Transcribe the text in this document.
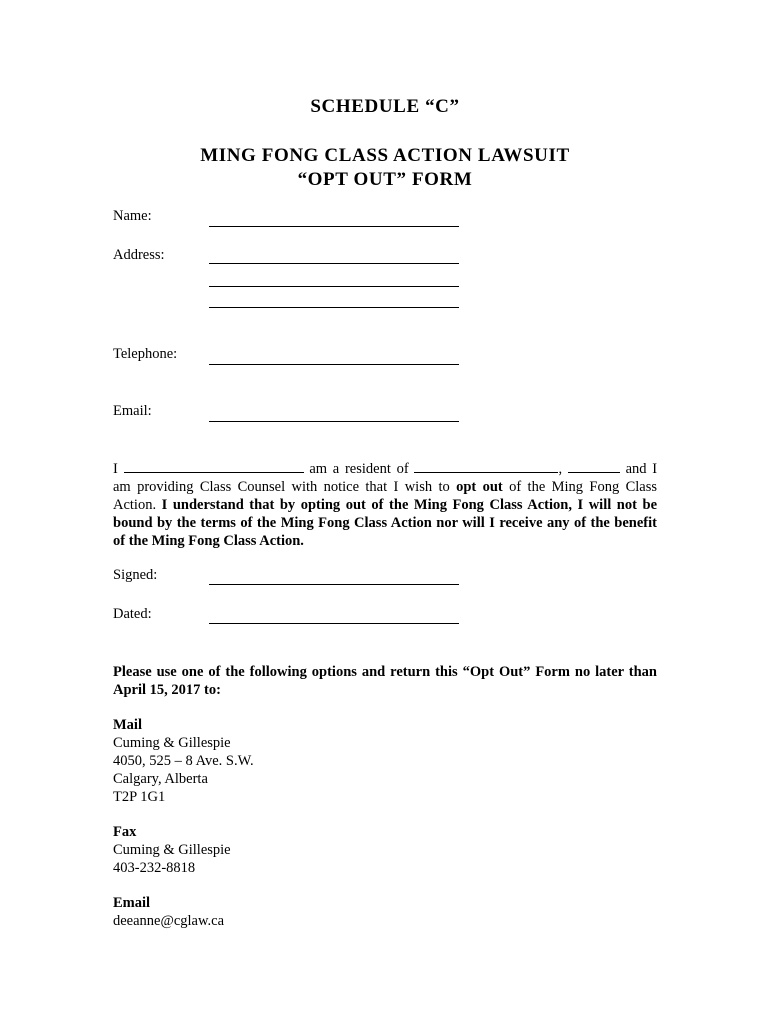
SCHEDULE “C”
MING FONG CLASS ACTION LAWSUIT
“OPT OUT” FORM
Name:
Address:
Telephone:
Email:
I	am a resident of	,	and I am providing Class Counsel with notice that I wish to opt out of the Ming Fong Class Action. I understand that by opting out of the Ming Fong Class Action, I will not be bound by the terms of the Ming Fong Class Action nor will I receive any of the benefit of the Ming Fong Class Action.
Signed:
Dated:
Please use one of the following options and return this “Opt Out” Form no later than April 15, 2017 to:
Mail
Cuming & Gillespie
4050, 525 – 8 Ave. S.W.
Calgary, Alberta
T2P 1G1
Fax
Cuming & Gillespie
403-232-8818
Email
deeanne@cglaw.ca
